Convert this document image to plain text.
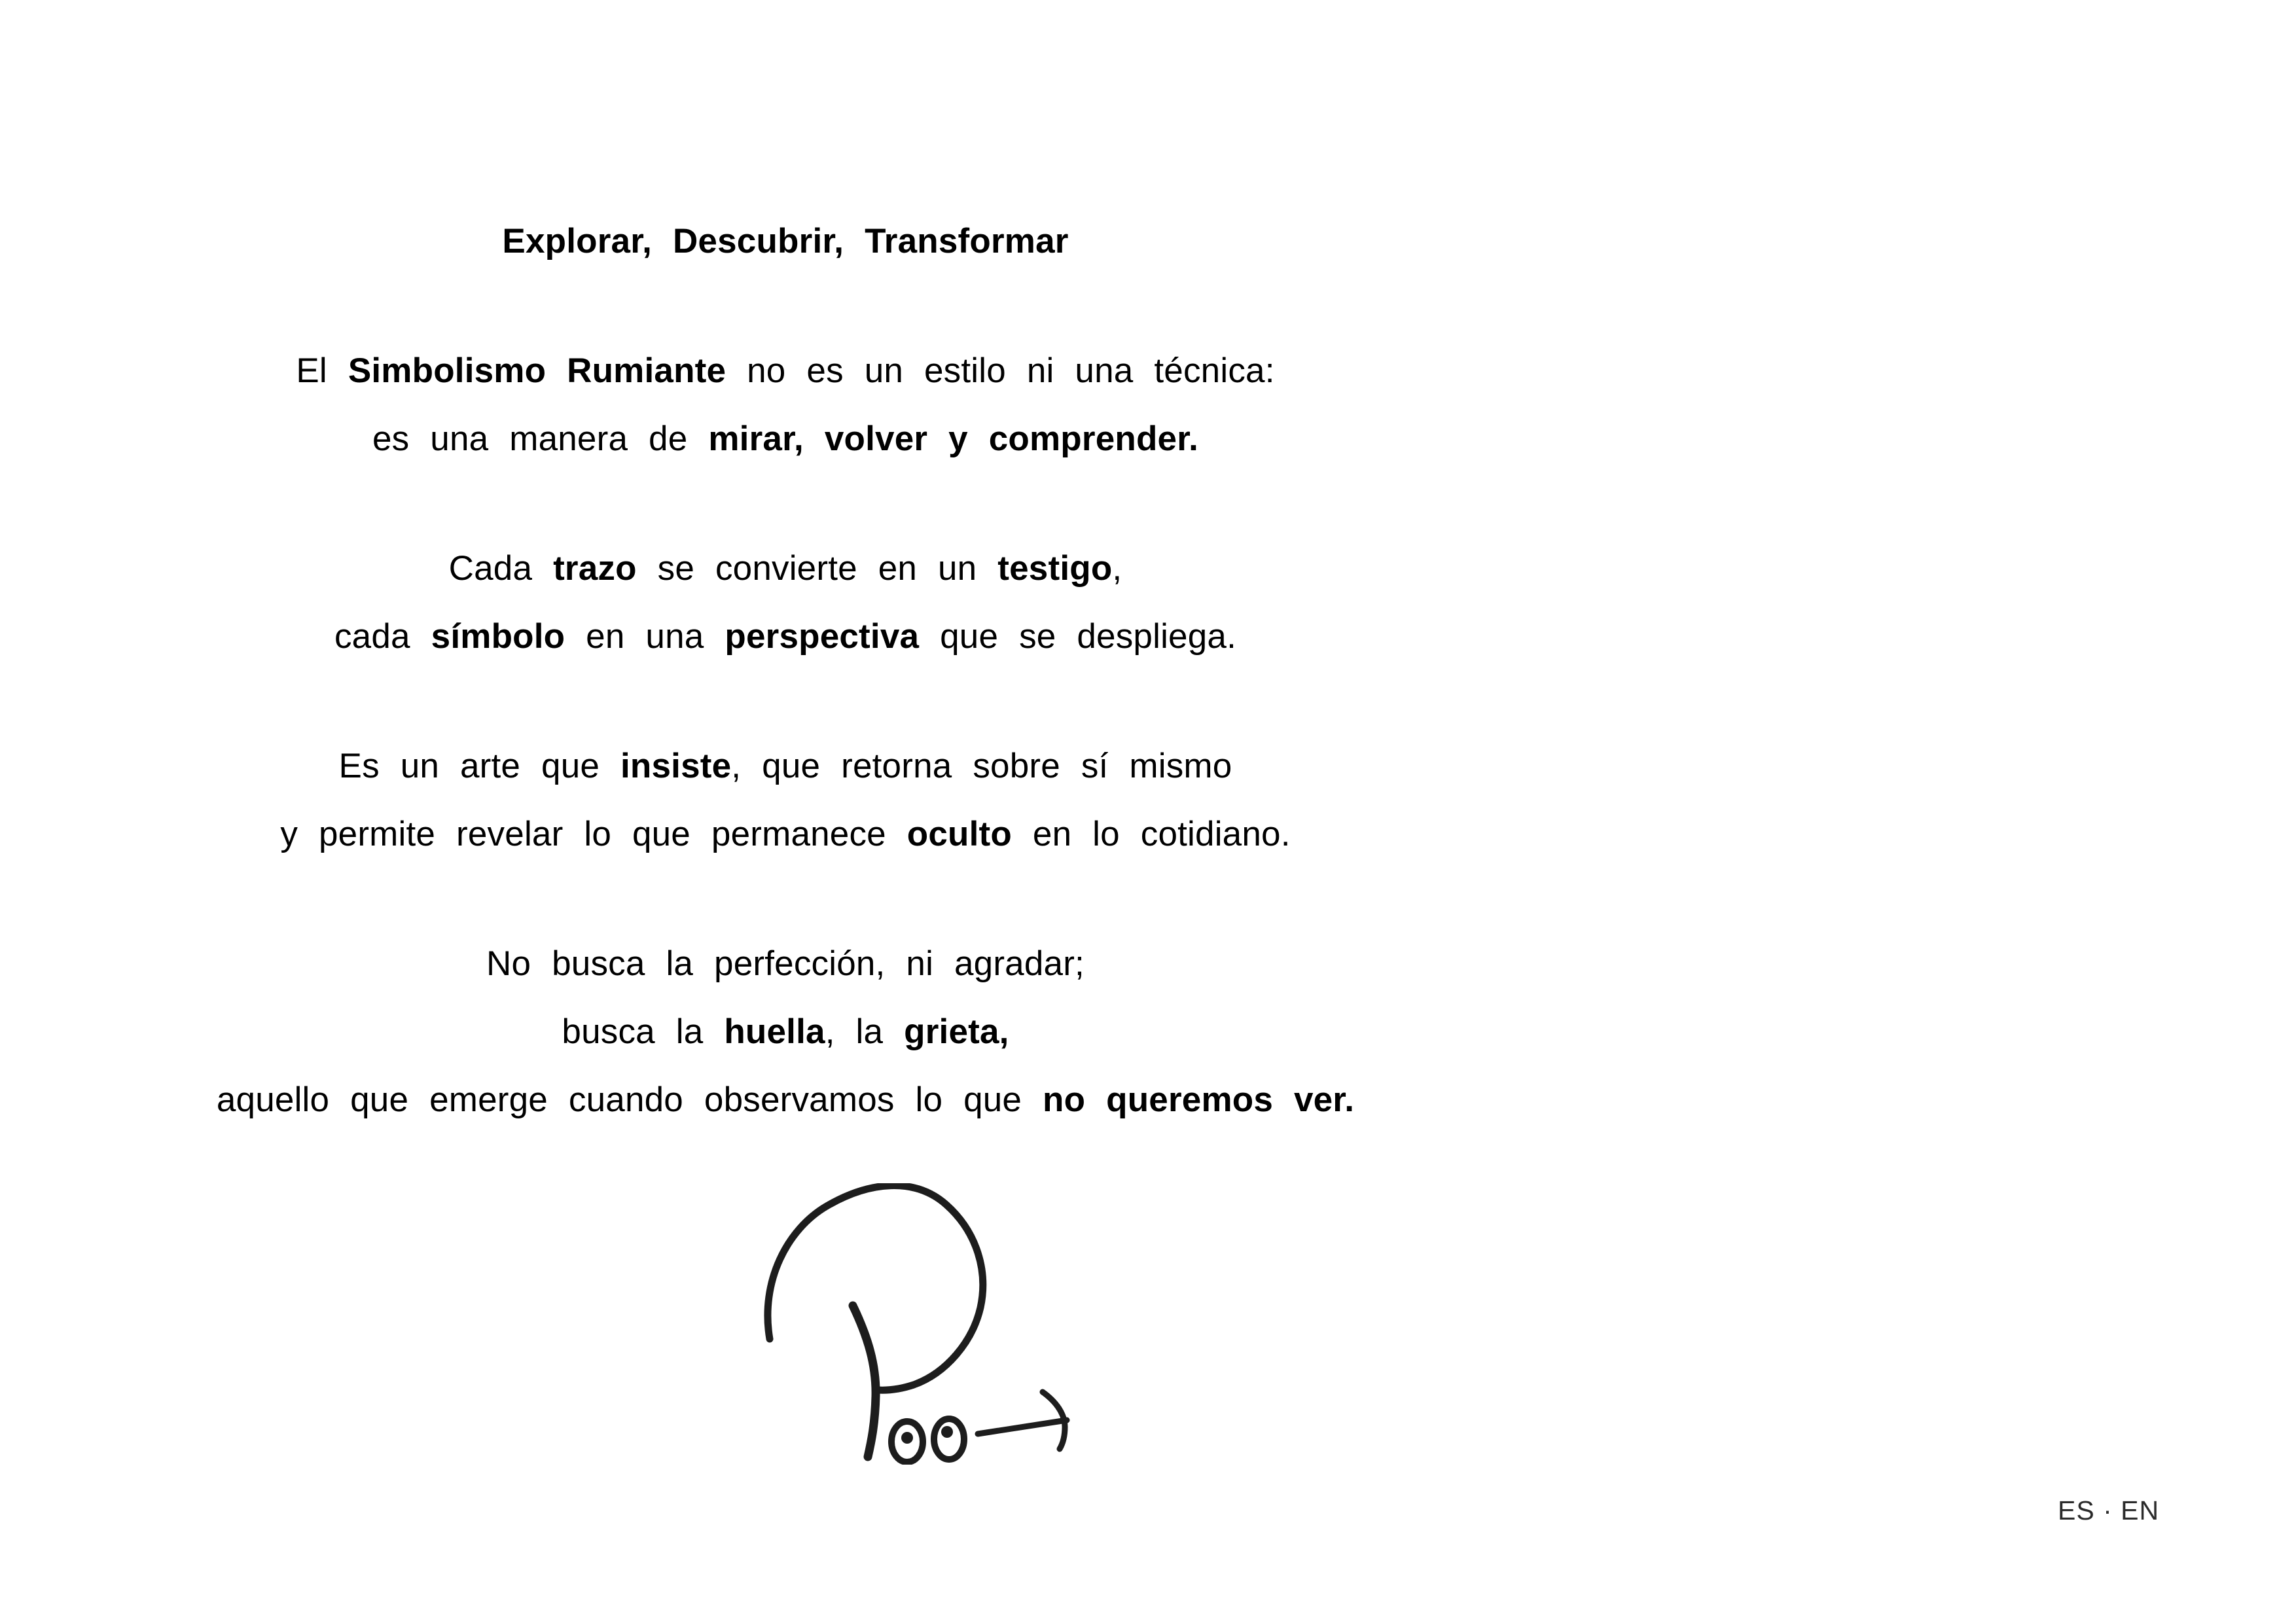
Explorar, Descubrir, Transformar

El Simbolismo Rumiante no es un estilo ni una técnica:
es una manera de mirar, volver y comprender.

Cada trazo se convierte en un testigo,
cada símbolo en una perspectiva que se despliega.

Es un arte que insiste, que retorna sobre sí mismo
y permite revelar lo que permanece oculto en lo cotidiano.

No busca la perfección, ni agradar;
busca la huella, la grieta,
aquello que emerge cuando observamos lo que no queremos ver.

ES · EN
